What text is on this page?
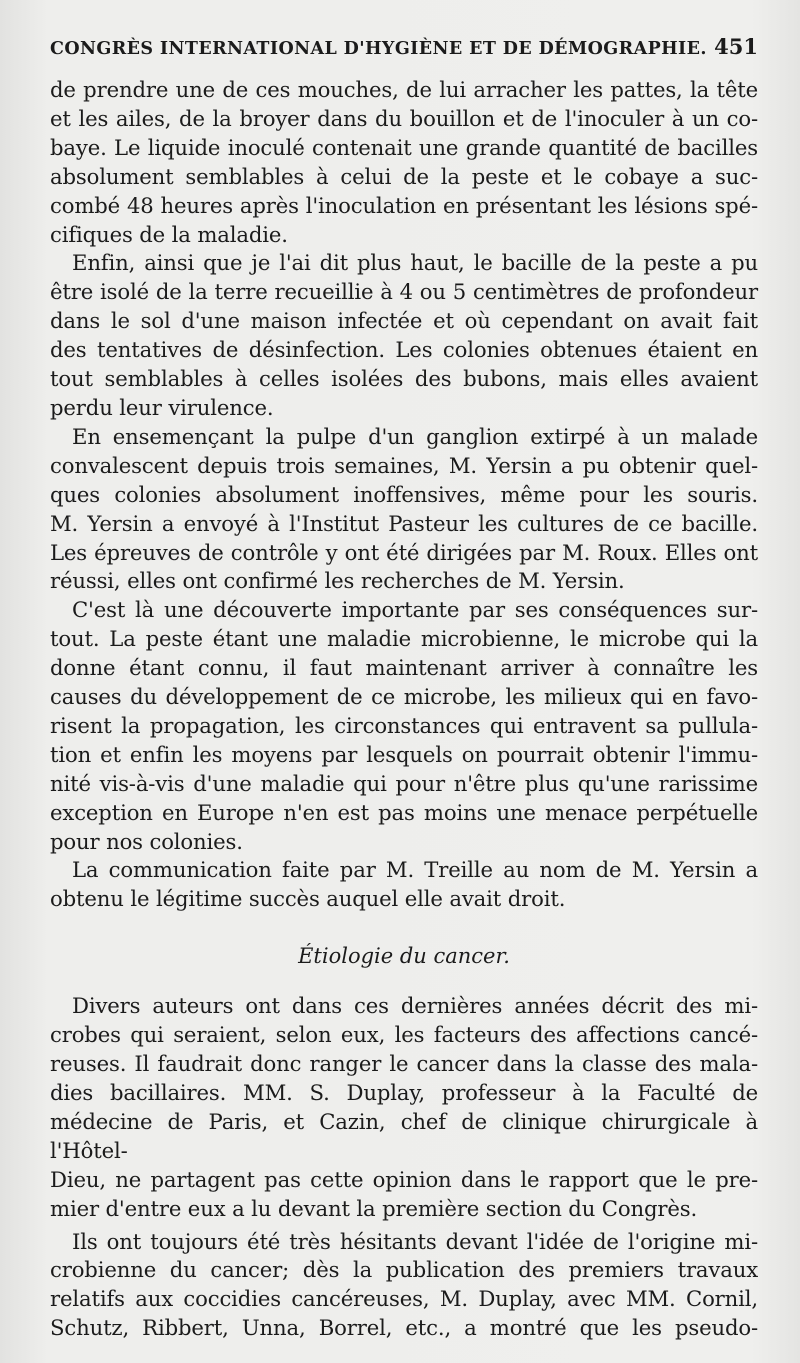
CONGRÈS INTERNATIONAL D'HYGIÈNE ET DE DÉMOGRAPHIE. 451

de prendre une de ces mouches, de lui arracher les pattes, la tête

et les ailes, de la broyer dans du bouillon et de l'inoculer à un co-

baye. Le liquide inoculé contenait une grande quantité de bacilles

absolument semblables à celui de la peste et le cobaye a suc-

combé 48 heures après l'inoculation en présentant les lésions spé-

cifiques de la maladie.

Enfin, ainsi que je l'ai dit plus haut, le bacille de la peste a pu

être isolé de la terre recueillie à 4 ou 5 centimètres de profondeur

dans le sol d'une maison infectée et où cependant on avait fait

des tentatives de désinfection. Les colonies obtenues étaient en

tout semblables à celles isolées des bubons, mais elles avaient

perdu leur virulence.

En ensemençant la pulpe d'un ganglion extirpé à un malade

convalescent depuis trois semaines, M. Yersin a pu obtenir quel-

ques colonies absolument inoffensives, même pour les souris.

M. Yersin a envoyé à l'Institut Pasteur les cultures de ce bacille.

Les épreuves de contrôle y ont été dirigées par M. Roux. Elles ont

réussi, elles ont confirmé les recherches de M. Yersin.

C'est là une découverte importante par ses conséquences sur-

tout. La peste étant une maladie microbienne, le microbe qui la

donne étant connu, il faut maintenant arriver à connaître les

causes du développement de ce microbe, les milieux qui en favo-

risent la propagation, les circonstances qui entravent sa pullula-

tion et enfin les moyens par lesquels on pourrait obtenir l'immu-

nité vis-à-vis d'une maladie qui pour n'être plus qu'une rarissime

exception en Europe n'en est pas moins une menace perpétuelle

pour nos colonies.

La communication faite par M. Treille au nom de M. Yersin a

obtenu le légitime succès auquel elle avait droit.

Étiologie du cancer.

Divers auteurs ont dans ces dernières années décrit des mi-

crobes qui seraient, selon eux, les facteurs des affections cancé-

reuses. Il faudrait donc ranger le cancer dans la classe des mala-

dies bacillaires. MM. S. Duplay, professeur à la Faculté de

médecine de Paris, et Cazin, chef de clinique chirurgicale à l'Hôtel-

Dieu, ne partagent pas cette opinion dans le rapport que le pre-

mier d'entre eux a lu devant la première section du Congrès.

Ils ont toujours été très hésitants devant l'idée de l'origine mi-

crobienne du cancer; dès la publication des premiers travaux

relatifs aux coccidies cancéreuses, M. Duplay, avec MM. Cornil,

Schutz, Ribbert, Unna, Borrel, etc., a montré que les pseudo-
